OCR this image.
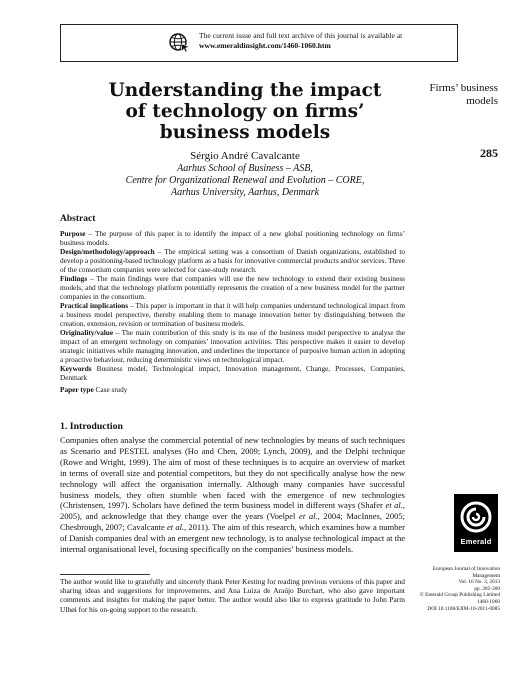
The current issue and full text archive of this journal is available at
www.emeraldinsight.com/1460-1060.htm
Understanding the impact
of technology on firms’
business models
Sérgio André Cavalcante
Aarhus School of Business – ASB,
Centre for Organizational Renewal and Evolution – CORE,
Aarhus University, Aarhus, Denmark
Firms’ business
models
285
Abstract

Purpose – The purpose of this paper is to identify the impact of a new global positioning technology on firms’ business models.

Design/methodology/approach – The empirical setting was a consortium of Danish organizations, established to develop a positioning-based technology platform as a basis for innovative commercial products and/or services. Three of the consortium companies were selected for case-study research.

Findings – The main findings were that companies will use the new technology to extend their existing business models, and that the technology platform potentially represents the creation of a new business model for the partner companies in the consortium.

Practical implications – This paper is important in that it will help companies understand technological impact from a business model perspective, thereby enabling them to manage innovation better by distinguishing between the creation, extension, revision or termination of business models.

Originality/value – The main contribution of this study is its use of the business model perspective to analyse the impact of an emergent technology on companies’ innovation activities. This perspective makes it easier to develop strategic initiatives while managing innovation, and underlines the importance of purposive human action in adopting a proactive behaviour, reducing deterministic views on technological impact.

Keywords Business model, Technological impact, Innovation management, Change, Processes, Companies, Denmark

Paper type Case study

1. Introduction

Companies often analyse the commercial potential of new technologies by means of such techniques as Scenario and PESTEL analyses (Ho and Chen, 2009; Lynch, 2009), and the Delphi technique (Rowe and Wright, 1999). The aim of most of these techniques is to acquire an overview of market in terms of overall size and potential competitors, but they do not specifically analyse how the new technology will affect the organisation internally. Although many companies have successful business models, they often stumble when faced with the emergence of new technologies (Christensen, 1997). Scholars have defined the term business model in different ways (Shafer et al., 2005), and acknowledge that they change over the years (Voelpel et al., 2004; MacInnes, 2005; Chesbrough, 2007; Cavalcante et al., 2011). The aim of this research, which examines how a number of Danish companies deal with an emergent new technology, is to analyse technological impact at the internal organisational level, focusing specifically on the companies’ business models.

The author would like to gratefully and sincerely thank Peter Kesting for reading previous versions of this paper and sharing ideas and suggestions for improvements, and Ana Luiza de Araújo Burchart, who also gave important comments and insights for making the paper better. The author would also like to express gratitude to John Parm Ulhøi for his on-going support to the research.
Emerald
European Journal of Innovation
Management
Vol. 16 No. 3, 2013
pp. 285-300
© Emerald Group Publishing Limited
1460-1060
DOI 10.1108/EJIM-10-2011-0085
